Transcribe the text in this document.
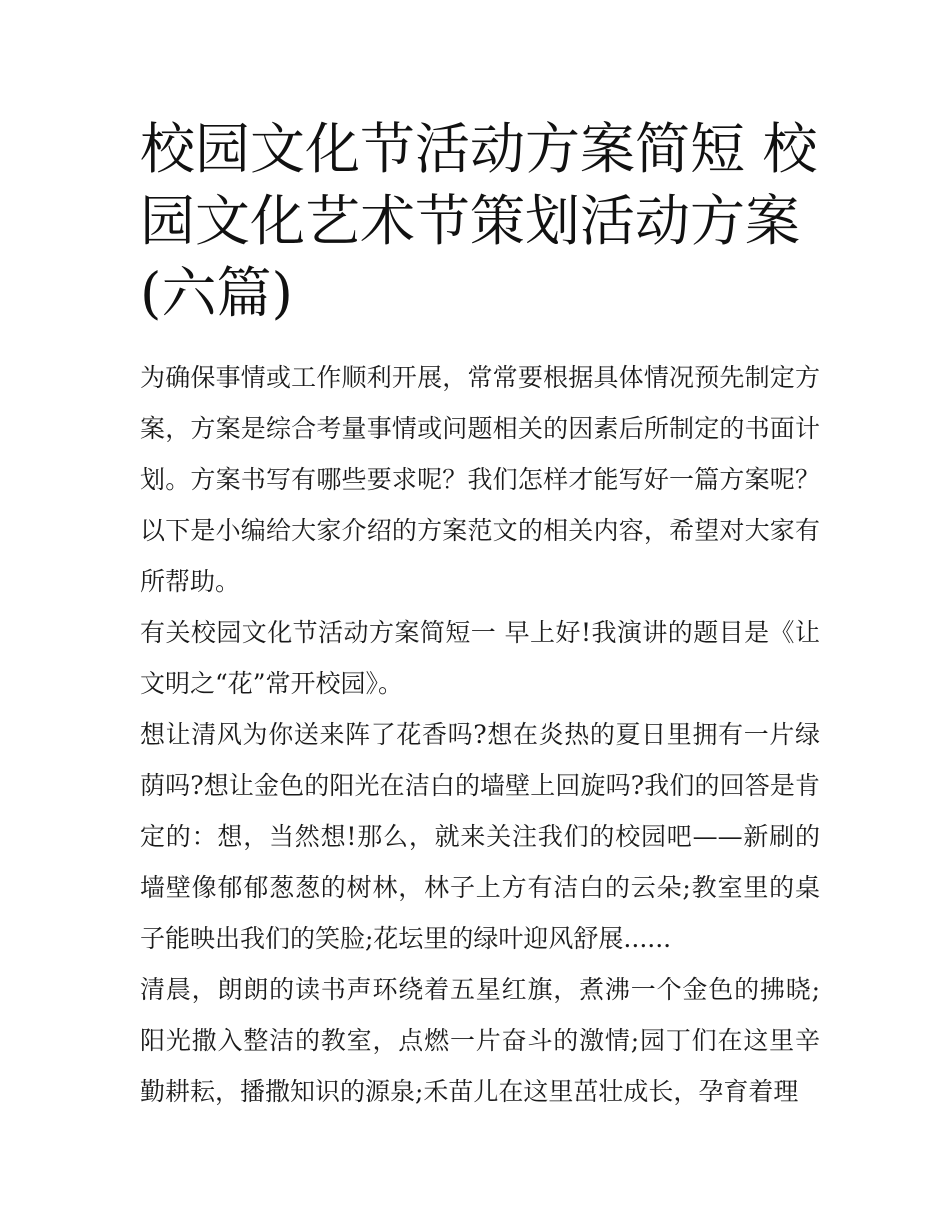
校园文化节活动方案简短 校园文化艺术节策划活动方案(六篇)

为确保事情或工作顺利开展，常常要根据具体情况预先制定方案，方案是综合考量事情或问题相关的因素后所制定的书面计划。方案书写有哪些要求呢？我们怎样才能写好一篇方案呢？以下是小编给大家介绍的方案范文的相关内容，希望对大家有所帮助。

有关校园文化节活动方案简短一 早上好!我演讲的题目是《让文明之“花”常开校园》。

想让清风为你送来阵了花香吗?想在炎热的夏日里拥有一片绿荫吗?想让金色的阳光在洁白的墙壁上回旋吗?我们的回答是肯定的：想，当然想!那么，就来关注我们的校园吧——新刷的墙壁像郁郁葱葱的树林，林子上方有洁白的云朵;教室里的桌子能映出我们的笑脸;花坛里的绿叶迎风舒展......

清晨，朗朗的读书声环绕着五星红旗，煮沸一个金色的拂晓;阳光撒入整洁的教室，点燃一片奋斗的激情;园丁们在这里辛勤耕耘，播撒知识的源泉;禾苗儿在这里茁壮成长，孕育着理
